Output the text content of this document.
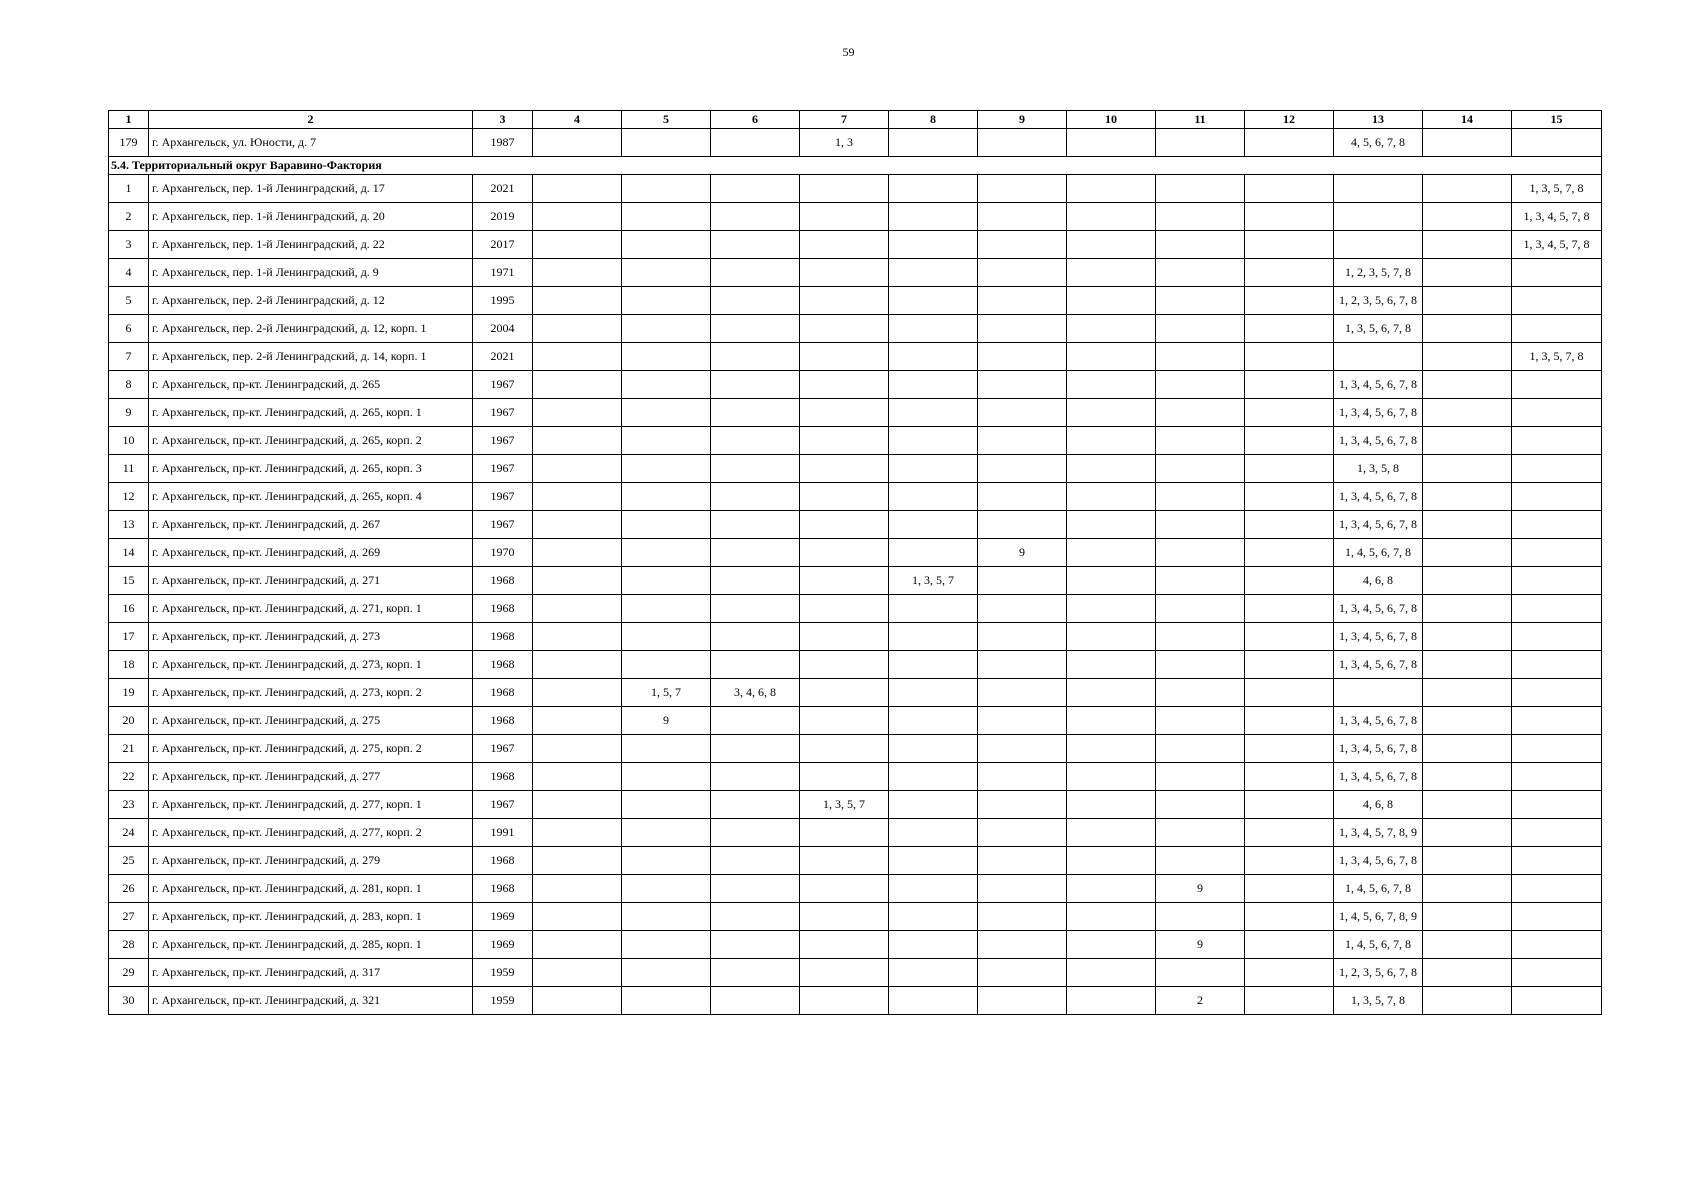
59
1	2	3	4	5	6	7	8	9	10	11	12	13	14	15
179	г. Архангельск, ул. Юности, д. 7	1987				1, 3						4, 5, 6, 7, 8		
5.4. Территориальный округ Варавино-Фактория														
1	г. Архангельск, пер. 1-й Ленинградский, д. 17	2021												1, 3, 5, 7, 8
2	г. Архангельск, пер. 1-й Ленинградский, д. 20	2019												1, 3, 4, 5, 7, 8
3	г. Архангельск, пер. 1-й Ленинградский, д. 22	2017												1, 3, 4, 5, 7, 8
4	г. Архангельск, пер. 1-й Ленинградский, д. 9	1971										1, 2, 3, 5, 7, 8		
5	г. Архангельск, пер. 2-й Ленинградский, д. 12	1995										1, 2, 3, 5, 6, 7, 8		
6	г. Архангельск, пер. 2-й Ленинградский, д. 12, корп. 1	2004										1, 3, 5, 6, 7, 8		
7	г. Архангельск, пер. 2-й Ленинградский, д. 14, корп. 1	2021												1, 3, 5, 7, 8
8	г. Архангельск, пр-кт. Ленинградский, д. 265	1967										1, 3, 4, 5, 6, 7, 8		
9	г. Архангельск, пр-кт. Ленинградский, д. 265, корп. 1	1967										1, 3, 4, 5, 6, 7, 8		
10	г. Архангельск, пр-кт. Ленинградский, д. 265, корп. 2	1967										1, 3, 4, 5, 6, 7, 8		
11	г. Архангельск, пр-кт. Ленинградский, д. 265, корп. 3	1967										1, 3, 5, 8		
12	г. Архангельск, пр-кт. Ленинградский, д. 265, корп. 4	1967										1, 3, 4, 5, 6, 7, 8		
13	г. Архангельск, пр-кт. Ленинградский, д. 267	1967										1, 3, 4, 5, 6, 7, 8		
14	г. Архангельск, пр-кт. Ленинградский, д. 269	1970						9				1, 4, 5, 6, 7, 8		
15	г. Архангельск, пр-кт. Ленинградский, д. 271	1968					1, 3, 5, 7					4, 6, 8		
16	г. Архангельск, пр-кт. Ленинградский, д. 271, корп. 1	1968										1, 3, 4, 5, 6, 7, 8		
17	г. Архангельск, пр-кт. Ленинградский, д. 273	1968										1, 3, 4, 5, 6, 7, 8		
18	г. Архангельск, пр-кт. Ленинградский, д. 273, корп. 1	1968										1, 3, 4, 5, 6, 7, 8		
19	г. Архангельск, пр-кт. Ленинградский, д. 273, корп. 2	1968		1, 5, 7	3, 4, 6, 8									
20	г. Архангельск, пр-кт. Ленинградский, д. 275	1968		9								1, 3, 4, 5, 6, 7, 8		
21	г. Архангельск, пр-кт. Ленинградский, д. 275, корп. 2	1967										1, 3, 4, 5, 6, 7, 8		
22	г. Архангельск, пр-кт. Ленинградский, д. 277	1968										1, 3, 4, 5, 6, 7, 8		
23	г. Архангельск, пр-кт. Ленинградский, д. 277, корп. 1	1967				1, 3, 5, 7						4, 6, 8		
24	г. Архангельск, пр-кт. Ленинградский, д. 277, корп. 2	1991										1, 3, 4, 5, 7, 8, 9		
25	г. Архангельск, пр-кт. Ленинградский, д. 279	1968										1, 3, 4, 5, 6, 7, 8		
26	г. Архангельск, пр-кт. Ленинградский, д. 281, корп. 1	1968								9		1, 4, 5, 6, 7, 8		
27	г. Архангельск, пр-кт. Ленинградский, д. 283, корп. 1	1969										1, 4, 5, 6, 7, 8, 9		
28	г. Архангельск, пр-кт. Ленинградский, д. 285, корп. 1	1969								9		1, 4, 5, 6, 7, 8		
29	г. Архангельск, пр-кт. Ленинградский, д. 317	1959										1, 2, 3, 5, 6, 7, 8		
30	г. Архангельск, пр-кт. Ленинградский, д. 321	1959								2		1, 3, 5, 7, 8		
